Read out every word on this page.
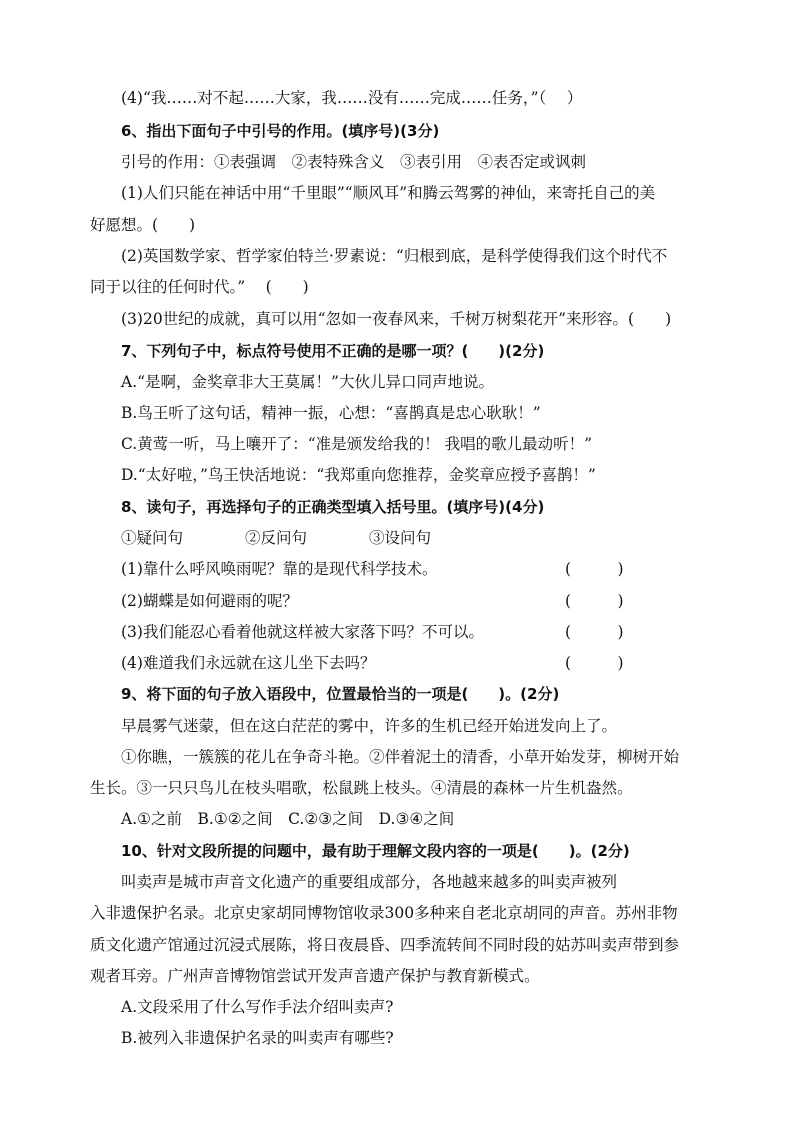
(4)“我……对不起……大家，我……没有……完成……任务，”（　 ）
6、指出下面句子中引号的作用。(填序号)(3分)
引号的作用：①表强调　②表特殊含义　③表引用　④表否定或讽刺
(1)人们只能在神话中用“千里眼”“顺风耳”和腾云驾雾的神仙，来寄托自己的美
好愿想。(　　)
(2)英国数学家、哲学家伯特兰·罗素说：“归根到底，是科学使得我们这个时代不
同于以往的任何时代。”　 (　　)
(3)20世纪的成就，真可以用“忽如一夜春风来，千树万树梨花开”来形容。(　　)
7、下列句子中，标点符号使用不正确的是哪一项？(　　)(2分)
A.“是啊，金奖章非大王莫属！”大伙儿异口同声地说。
B.鸟王听了这句话，精神一振，心想：“喜鹊真是忠心耿耿！”
C.黄莺一听，马上嚷开了：“准是颁发给我的！ 我唱的歌儿最动听！”
D.“太好啦，”鸟王快活地说：“我郑重向您推荐，金奖章应授予喜鹊！”
8、读句子，再选择句子的正确类型填入括号里。(填序号)(4分)
①疑问句　　　　②反问句　　　　③设问句
(1)靠什么呼风唤雨呢？靠的是现代科学技术。	(　　　)
(2)蝴蝶是如何避雨的呢？	(　　　)
(3)我们能忍心看着他就这样被大家落下吗？不可以。	(　　　)
(4)难道我们永远就在这儿坐下去吗？	(　　　)
9、将下面的句子放入语段中，位置最恰当的一项是(　　)。(2分)
早晨雾气迷蒙，但在这白茫茫的雾中，许多的生机已经开始迸发向上了。
①你瞧，一簇簇的花儿在争奇斗艳。②伴着泥土的清香，小草开始发芽，柳树开始
生长。③一只只鸟儿在枝头唱歌，松鼠跳上枝头。④清晨的森林一片生机盎然。
A.①之前　B.①②之间　C.②③之间　D.③④之间
10、针对文段所提的问题中，最有助于理解文段内容的一项是(　　)。(2分)
叫卖声是城市声音文化遗产的重要组成部分，各地越来越多的叫卖声被列
入非遗保护名录。北京史家胡同博物馆收录300多种来自老北京胡同的声音。苏州非物
质文化遗产馆通过沉浸式展陈，将日夜晨昏、四季流转间不同时段的姑苏叫卖声带到参
观者耳旁。广州声音博物馆尝试开发声音遗产保护与教育新模式。
A.文段采用了什么写作手法介绍叫卖声?
B.被列入非遗保护名录的叫卖声有哪些?
